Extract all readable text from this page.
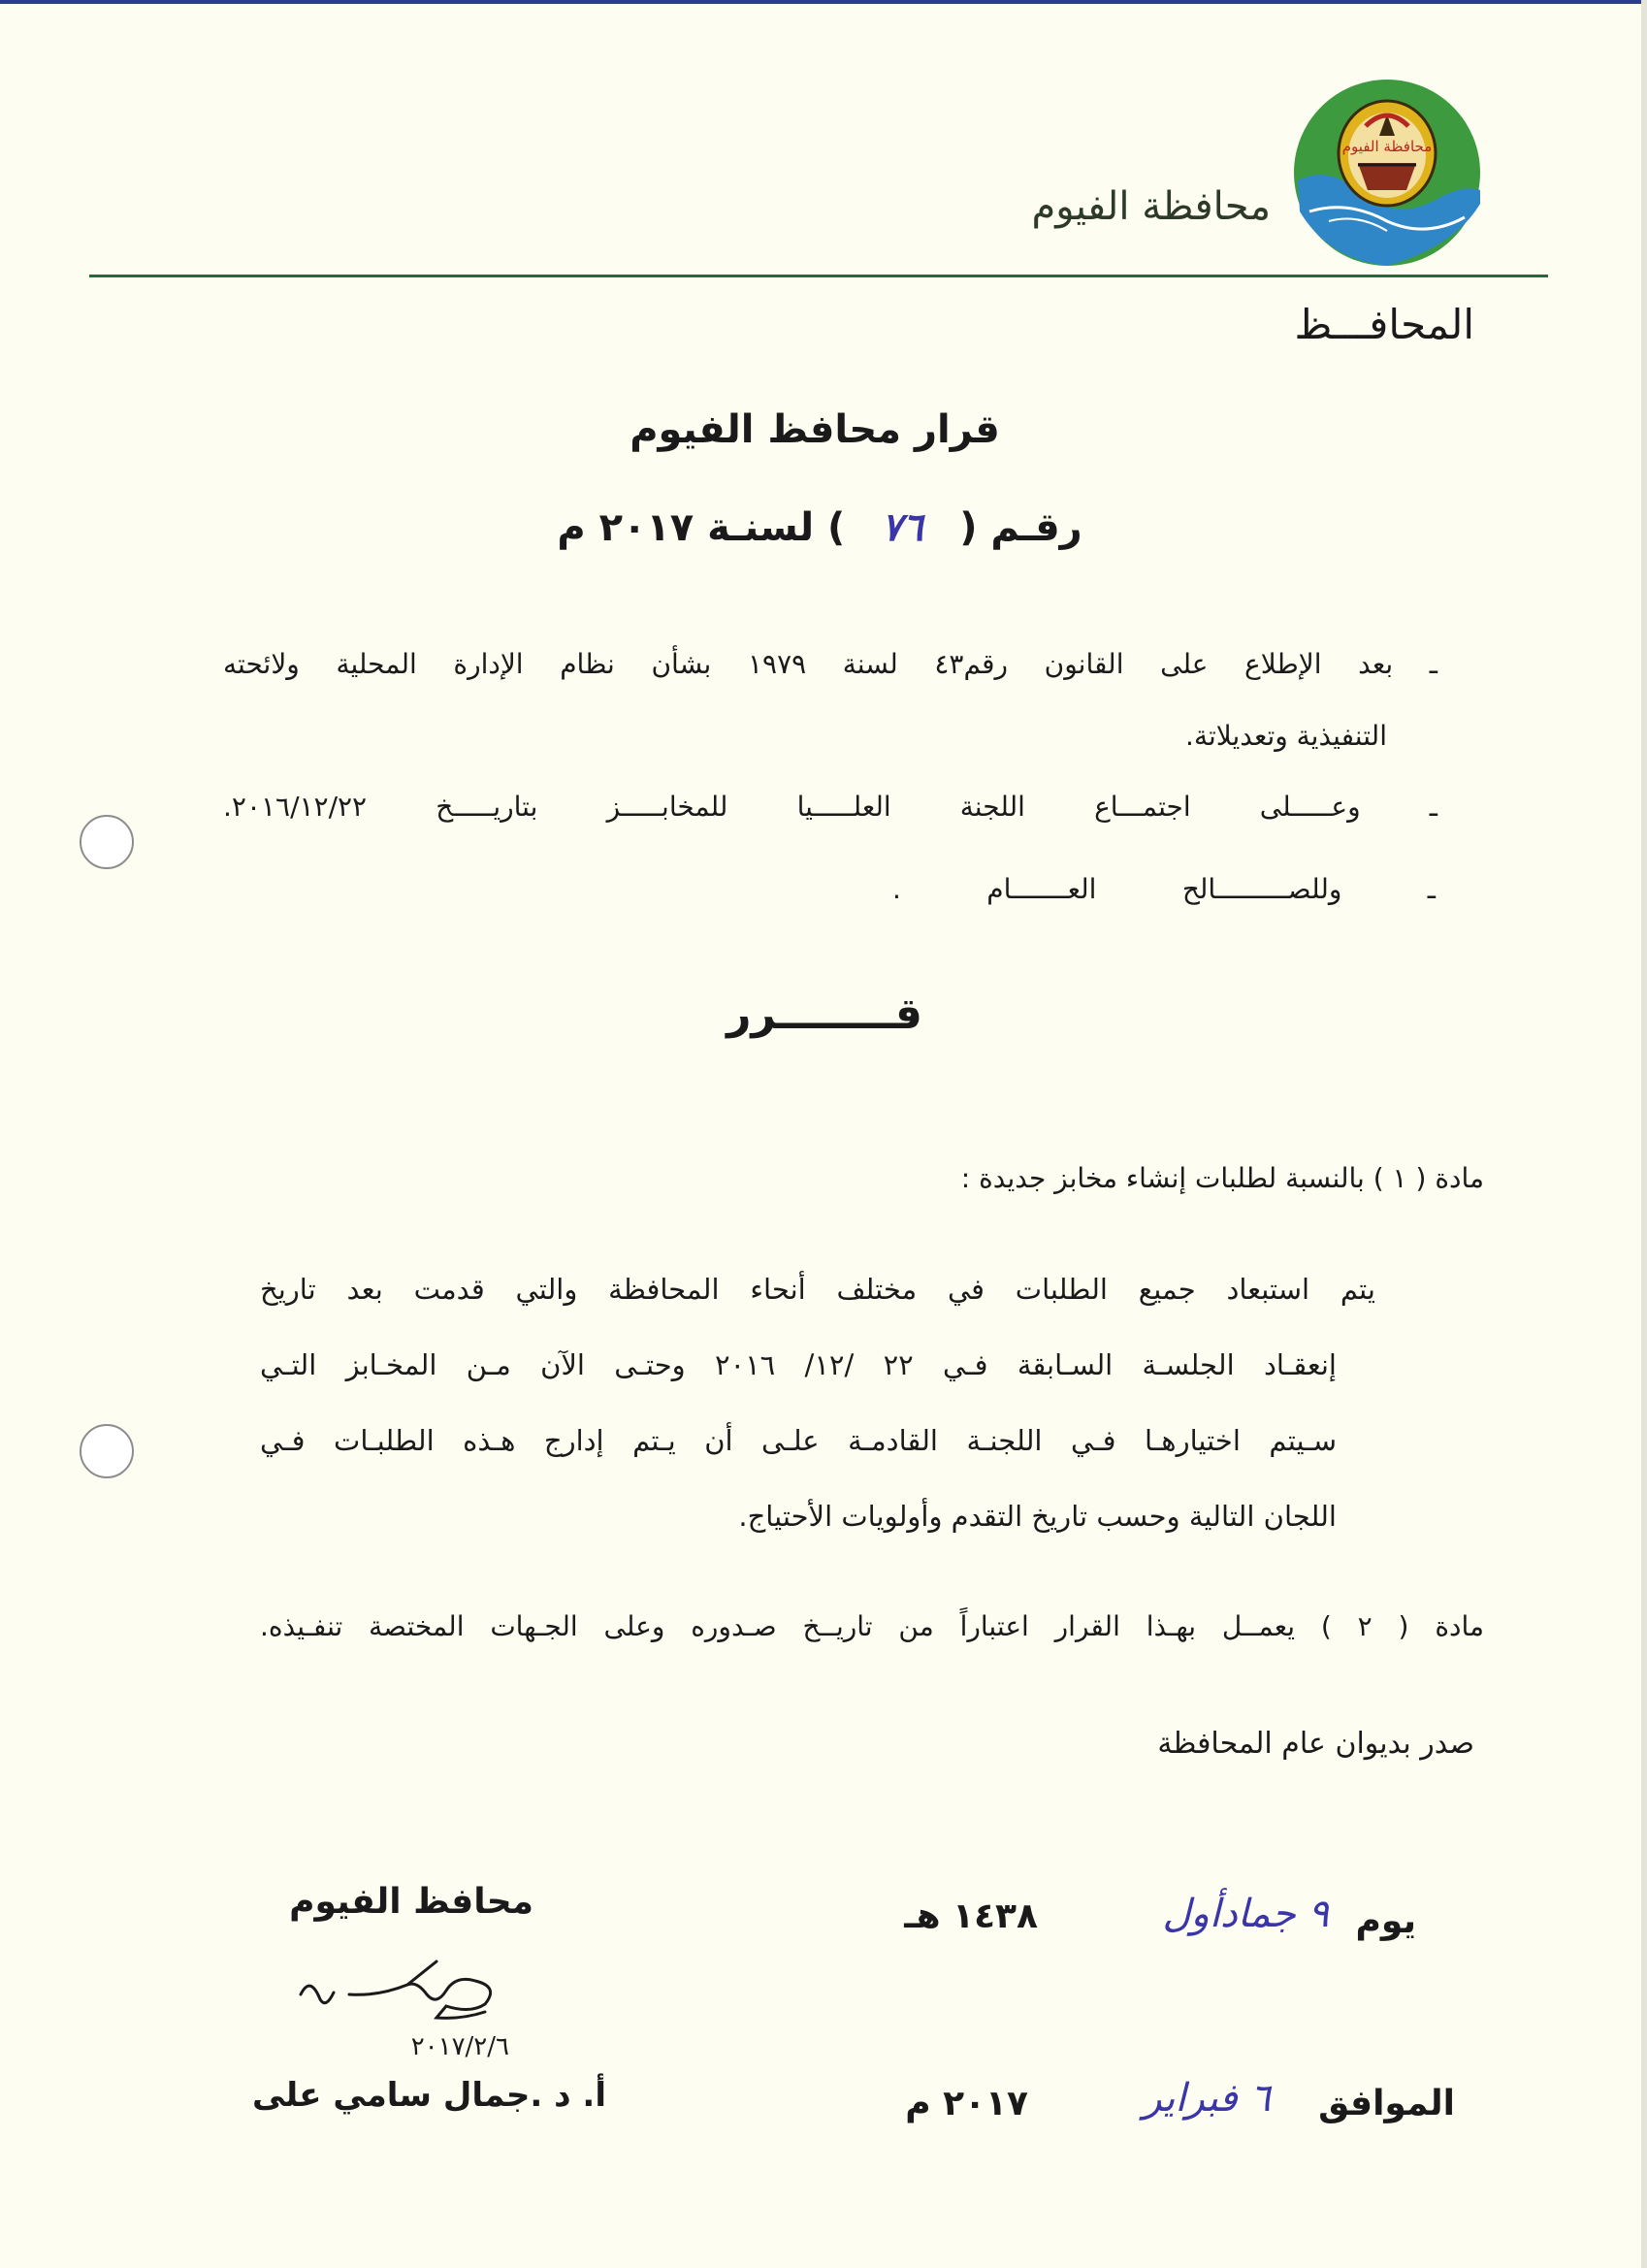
محافظة الفيوم
محافظة الفيوم
المحافـــظ
قرار محافظ الفيوم
رقـم ( ٧٦ ) لسنـة ٢٠١٧ م
ـ بعد الإطلاع على القانون رقم٤٣ لسنة ١٩٧٩ بشأن نظام الإدارة المحلية ولائحته
التنفيذية وتعديلاتة.
ـ وعـــــلى اجتمـــاع اللجنة العلـــــيا للمخابـــــز بتاريـــــخ ٢٠١٦/١٢/٢٢.
ـ وللصـــــــــالح العـــــــام .
قــــــــرر
مادة ( ١ ) بالنسبة لطلبات إنشاء مخابز جديدة :
يتم استبعاد جميع الطلبات في مختلف أنحاء المحافظة والتي قدمت بعد تاريخ
إنعقـاد الجلسـة السـابقة فـي ٢٢ /١٢/ ٢٠١٦ وحتـى الآن مـن المخـابز التـي
سـيتم اختيارهـا فـي اللجنـة القادمـة علـى أن يـتم إدارج هـذه الطلبـات فـي
اللجان التالية وحسب تاريخ التقدم وأولويات الأحتياج.
مادة ( ٢ ) يعمــل بهـذا القرار اعتباراً من تاريــخ صـدوره وعلى الجـهات المختصة تنفـيذه.
صدر بديوان عام المحافظة
يوم
٩ جمادأول
١٤٣٨ هـ
الموافق
٦ فبراير
٢٠١٧ م
محافظ الفيوم
٢٠١٧/٢/٦
أ. د .جمال سامي على
